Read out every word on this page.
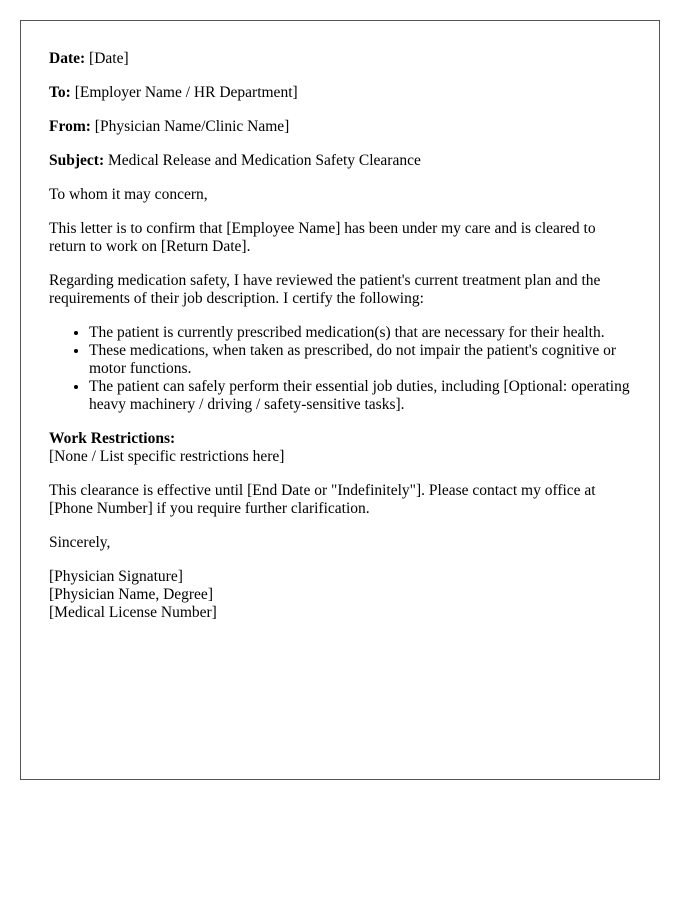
Date: [Date]

To: [Employer Name / HR Department]

From: [Physician Name/Clinic Name]

Subject: Medical Release and Medication Safety Clearance

To whom it may concern,

This letter is to confirm that [Employee Name] has been under my care and is cleared to return to work on [Return Date].

Regarding medication safety, I have reviewed the patient's current treatment plan and the requirements of their job description. I certify the following:

• The patient is currently prescribed medication(s) that are necessary for their health.
• These medications, when taken as prescribed, do not impair the patient's cognitive or motor functions.
• The patient can safely perform their essential job duties, including [Optional: operating heavy machinery / driving / safety-sensitive tasks].

Work Restrictions:
[None / List specific restrictions here]

This clearance is effective until [End Date or "Indefinitely"]. Please contact my office at [Phone Number] if you require further clarification.

Sincerely,

[Physician Signature]
[Physician Name, Degree]
[Medical License Number]
